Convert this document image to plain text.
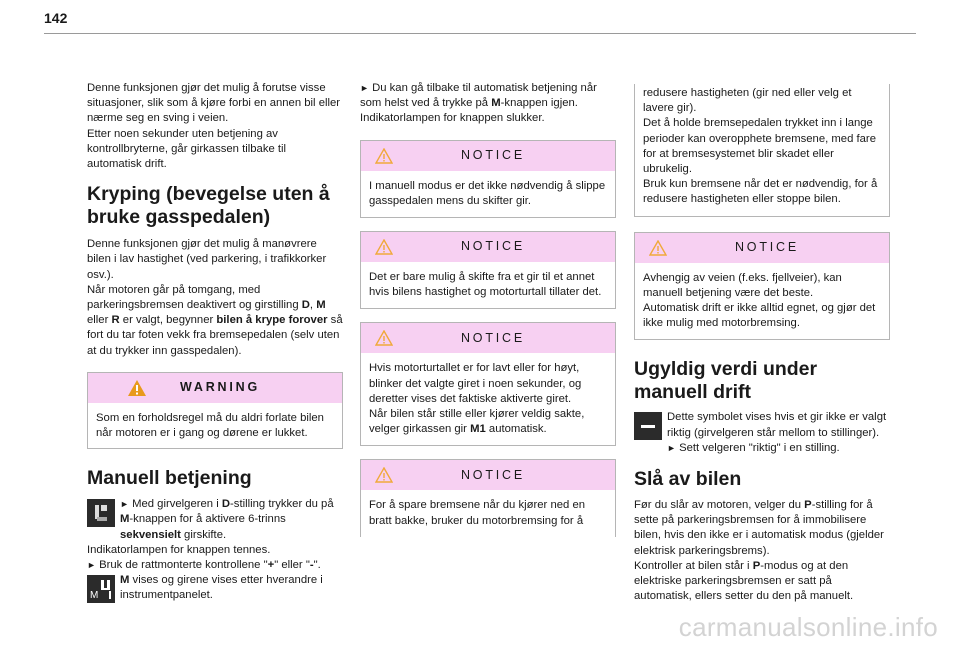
142

Denne funksjonen gjør det mulig å forutse visse situasjoner, slik som å kjøre forbi en annen bil eller nærme seg en sving i veien.

Etter noen sekunder uten betjening av kontrollbryterne, går girkassen tilbake til automatisk drift.

Kryping (bevegelse uten å bruke gasspedalen)

Denne funksjonen gjør det mulig å manøvrere bilen i lav hastighet (ved parkering, i trafikkorker osv.).

Når motoren går på tomgang, med parkeringsbremsen deaktivert og girstilling D, M eller R er valgt, begynner bilen å krype forover så fort du tar foten vekk fra bremsepedalen (selv uten at du trykker inn gasspedalen).

WARNING
Som en forholdsregel må du aldri forlate bilen når motoren er i gang og dørene er lukket.
Manuell betjening

► Med girvelgeren i D-stilling trykker du på M-knappen for å aktivere 6-trinns sekvensielt girskifte.

Indikatorlampen for knappen tennes.

► Bruk de rattmonterte kontrollene "+" eller "-".

M

M vises og girene vises etter hverandre i instrumentpanelet.

► Du kan gå tilbake til automatisk betjening når som helst ved å trykke på M-knappen igjen.

Indikatorlampen for knappen slukker.

NOTICE
I manuell modus er det ikke nødvendig å slippe gasspedalen mens du skifter gir.
NOTICE
Det er bare mulig å skifte fra et gir til et annet hvis bilens hastighet og motorturtall tillater det.
NOTICE
Hvis motorturtallet er for lavt eller for høyt, blinker det valgte giret i noen sekunder, og deretter vises det faktiske aktiverte giret.
Når bilen står stille eller kjører veldig sakte, velger girkassen gir M1 automatisk.
NOTICE
For å spare bremsene når du kjører ned en bratt bakke, bruker du motorbremsing for å
redusere hastigheten (gir ned eller velg et lavere gir).
Det å holde bremsepedalen trykket inn i lange perioder kan overopphete bremsene, med fare for at bremsesystemet blir skadet eller ubrukelig.
Bruk kun bremsene når det er nødvendig, for å redusere hastigheten eller stoppe bilen.
NOTICE
Avhengig av veien (f.eks. fjellveier), kan manuell betjening være det beste.
Automatisk drift er ikke alltid egnet, og gjør det ikke mulig med motorbremsing.
Ugyldig verdi under manuell drift

Dette symbolet vises hvis et gir ikke er valgt riktig (girvelgeren står mellom to stillinger).

► Sett velgeren "riktig" i en stilling.

Slå av bilen

Før du slår av motoren, velger du P-stilling for å sette på parkeringsbremsen for å immobilisere bilen, hvis den ikke er i automatisk modus (gjelder elektrisk parkeringsbrems).

Kontroller at bilen står i P-modus og at den elektriske parkeringsbremsen er satt på automatisk, ellers setter du den på manuelt.

carmanualsonline.info
